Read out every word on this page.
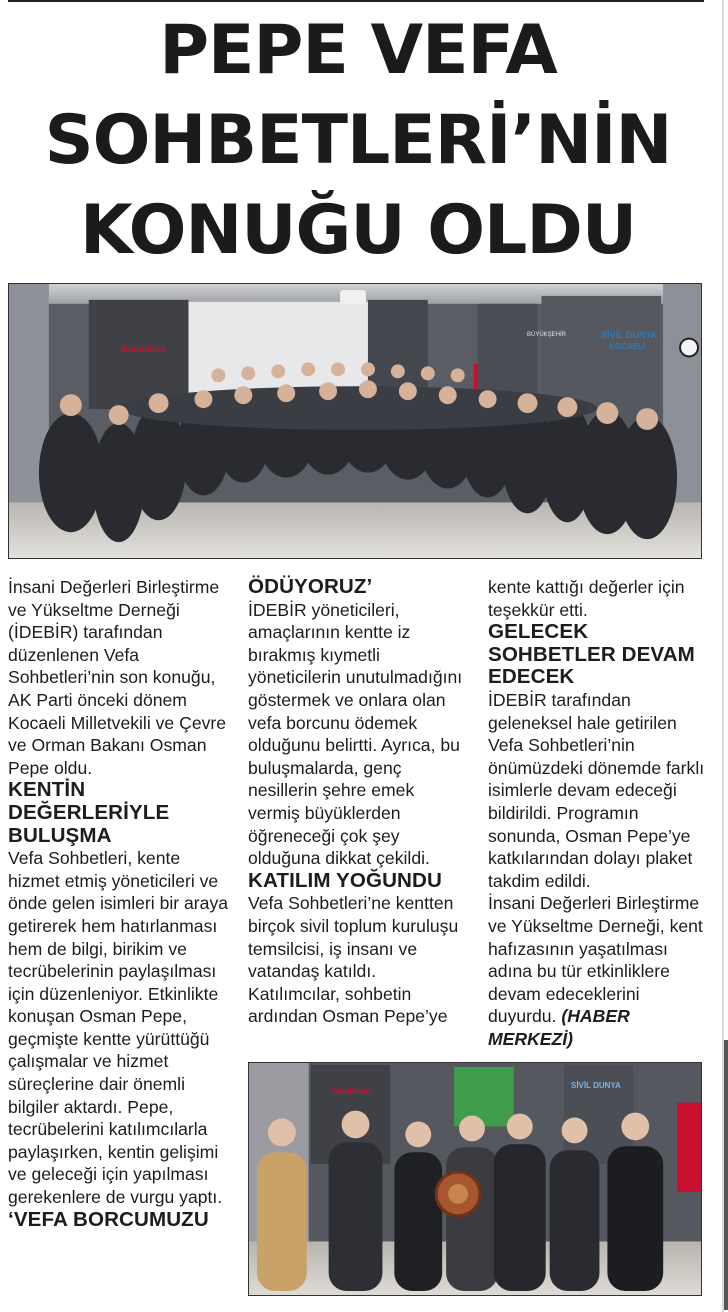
PEPE VEFA
SOHBETLERİ’NİN
KONUĞU OLDU
Gönüllüsü
SİVİL DUNYA
KOCAELİ
BÜYÜKŞEHİR

İnsani Değerleri Birleştirme ve Yükseltme Derneği (İDEBİR) tarafından düzenlenen Vefa Sohbetleri’nin son konuğu, AK Parti önceki dönem Kocaeli Milletvekili ve Çevre ve Orman Bakanı Osman Pepe oldu.

KENTİN DEĞERLERİYLE BULUŞMA

Vefa Sohbetleri, kente hizmet etmiş yöneticileri ve önde gelen isimleri bir araya getirerek hem hatırlanması hem de bilgi, birikim ve tecrübelerinin paylaşılması için düzenleniyor. Etkinlikte konuşan Osman Pepe, geçmişte kentte yürüttüğü çalışmalar ve hizmet süreçlerine dair önemli bilgiler aktardı. Pepe, tecrübelerini katılımcılarla paylaşırken, kentin gelişimi ve geleceği için yapılması gerekenlere de vurgu yaptı.

‘VEFA BORCUMUZU
ÖDÜYORUZ’

İDEBİR yöneticileri, amaçlarının kentte iz bırakmış kıymetli yöneticilerin unutulmadığını göstermek ve onlara olan vefa borcunu ödemek olduğunu belirtti. Ayrıca, bu buluşmalarda, genç nesillerin şehre emek vermiş büyüklerden öğreneceği çok şey olduğuna dikkat çekildi.

KATILIM YOĞUNDU

Vefa Sohbetleri’ne kentten birçok sivil toplum kuruluşu temsilcisi, iş insanı ve vatandaş katıldı. Katılımcılar, sohbetin ardından Osman Pepe’ye

kente kattığı değerler için teşekkür etti.

GELECEK SOHBETLER DEVAM EDECEK

İDEBİR tarafından geleneksel hale getirilen Vefa Sohbetleri’nin önümüzdeki dönemde farklı isimlerle devam edeceği bildirildi. Programın sonunda, Osman Pepe’ye katkılarından dolayı plaket takdim edildi.

İnsani Değerleri Birleştirme ve Yükseltme Derneği, kent hafızasının yaşatılması adına bu tür etkinliklere devam edeceklerini duyurdu. (HABER MERKEZİ)

Gönüllüsü
SİVİL DUNYA
